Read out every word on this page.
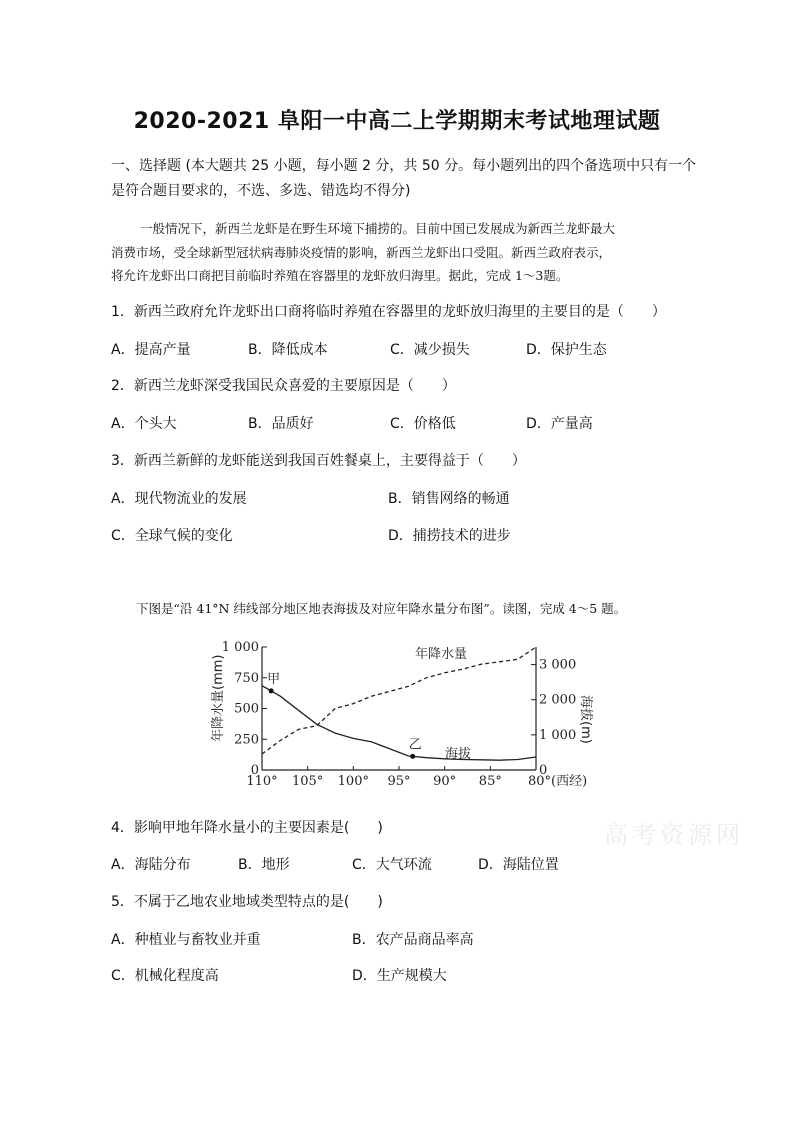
2020-2021 阜阳一中高二上学期期末考试地理试题
一、选择题 (本大题共 25 小题，每小题 2 分，共 50 分。每小题列出的四个备选项中只有一个
是符合题目要求的，不选、多选、错选均不得分)
一般情况下，新西兰龙虾是在野生环境下捕捞的。目前中国已发展成为新西兰龙虾最大
消费市场，受全球新型冠状病毒肺炎疫情的影响，新西兰龙虾出口受阻。新西兰政府表示，
将允许龙虾出口商把目前临时养殖在容器里的龙虾放归海里。据此，完成 1～3题。
1．新西兰政府允许龙虾出口商将临时养殖在容器里的龙虾放归海里的主要目的是（　　）
A．提高产量	B．降低成本	C．减少损失	D．保护生态
2．新西兰龙虾深受我国民众喜爱的主要原因是（　　）
A．个头大	B．品质好	C．价格低	D．产量高
3．新西兰新鲜的龙虾能送到我国百姓餐桌上，主要得益于（　　）
A．现代物流业的发展	B．销售网络的畅通
C．全球气候的变化	D．捕捞技术的进步
下图是“沿 41°N 纬线部分地区地表海拔及对应年降水量分布图”。读图，完成 4～5 题。
0
250
500
750
1 000
0
1 000
2 000
3 000
110° 105° 100° 95° 90° 85° 80°(西经)
甲
乙
年降水量
海拔
年降水量(mm)	海拔(m)
4．影响甲地年降水量小的主要因素是(　　)
A．海陆分布	B．地形	C．大气环流	D．海陆位置
5．不属于乙地农业地域类型特点的是(　　)
A．种植业与畜牧业并重	B．农产品商品率高
C．机械化程度高	D．生产规模大
高考资源网
